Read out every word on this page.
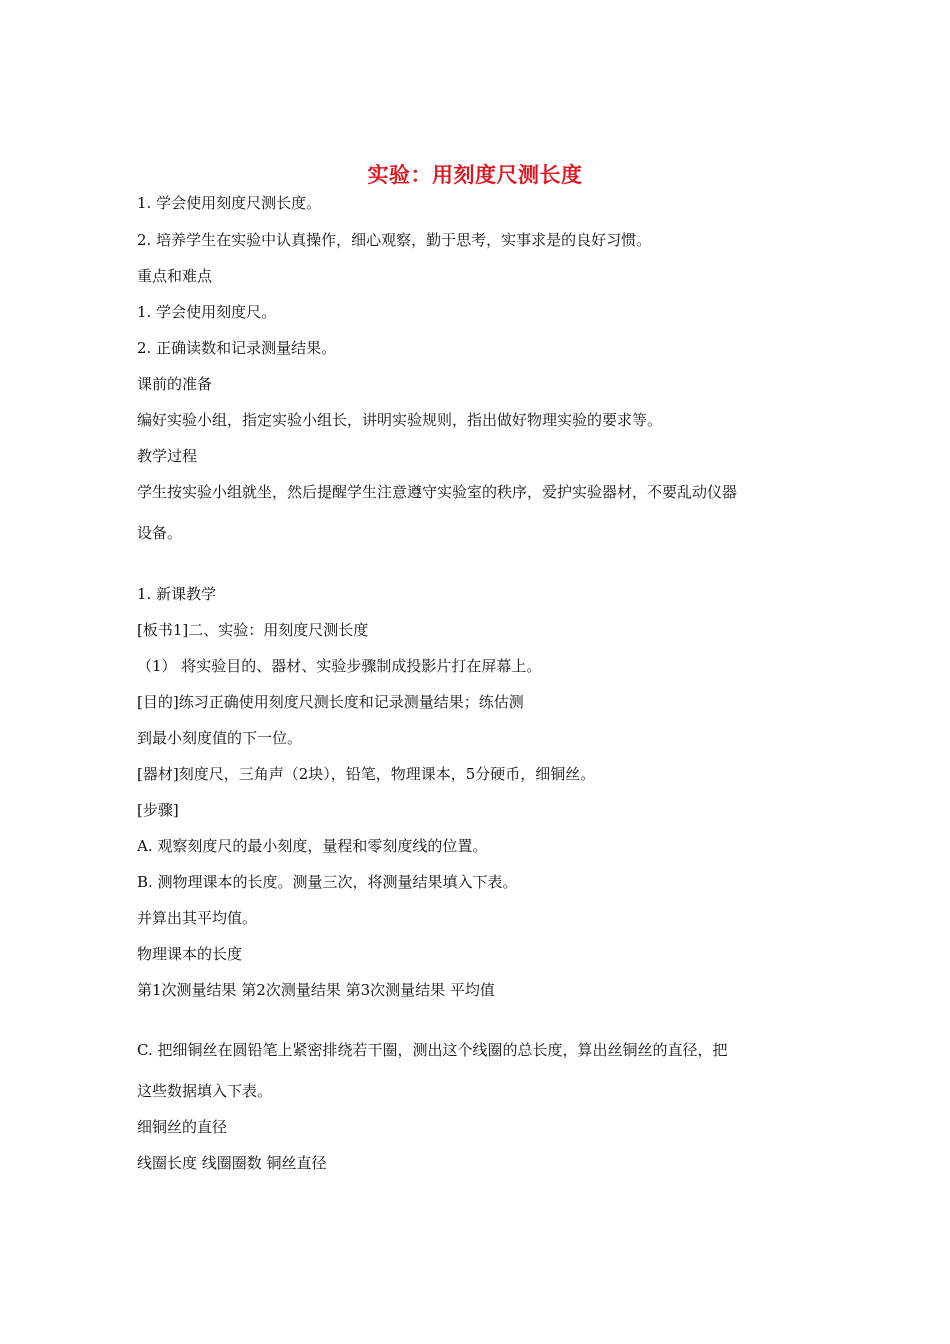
实验：用刻度尺测长度
1. 学会使用刻度尺测长度。
2. 培养学生在实验中认真操作，细心观察，勤于思考，实事求是的良好习惯。
重点和难点
1. 学会使用刻度尺。
2. 正确读数和记录测量结果。
课前的准备
编好实验小组，指定实验小组长，讲明实验规则，指出做好物理实验的要求等。
教学过程
学生按实验小组就坐，然后提醒学生注意遵守实验室的秩序，爱护实验器材，不要乱动仪器
设备。
1. 新课教学
[板书1]二、实验：用刻度尺测长度
（1） 将实验目的、器材、实验步骤制成投影片打在屏幕上。
[目的]练习正确使用刻度尺测长度和记录测量结果；练估测
到最小刻度值的下一位。
[器材]刻度尺，三角声（2块），铅笔，物理课本，5分硬币，细铜丝。
[步骤]
A. 观察刻度尺的最小刻度，量程和零刻度线的位置。
B. 测物理课本的长度。测量三次，将测量结果填入下表。
并算出其平均值。
物理课本的长度
第1次测量结果 第2次测量结果 第3次测量结果 平均值
C. 把细铜丝在圆铅笔上紧密排绕若干圈，测出这个线圈的总长度，算出丝铜丝的直径，把
这些数据填入下表。
细铜丝的直径
线圈长度 线圈圈数 铜丝直径
